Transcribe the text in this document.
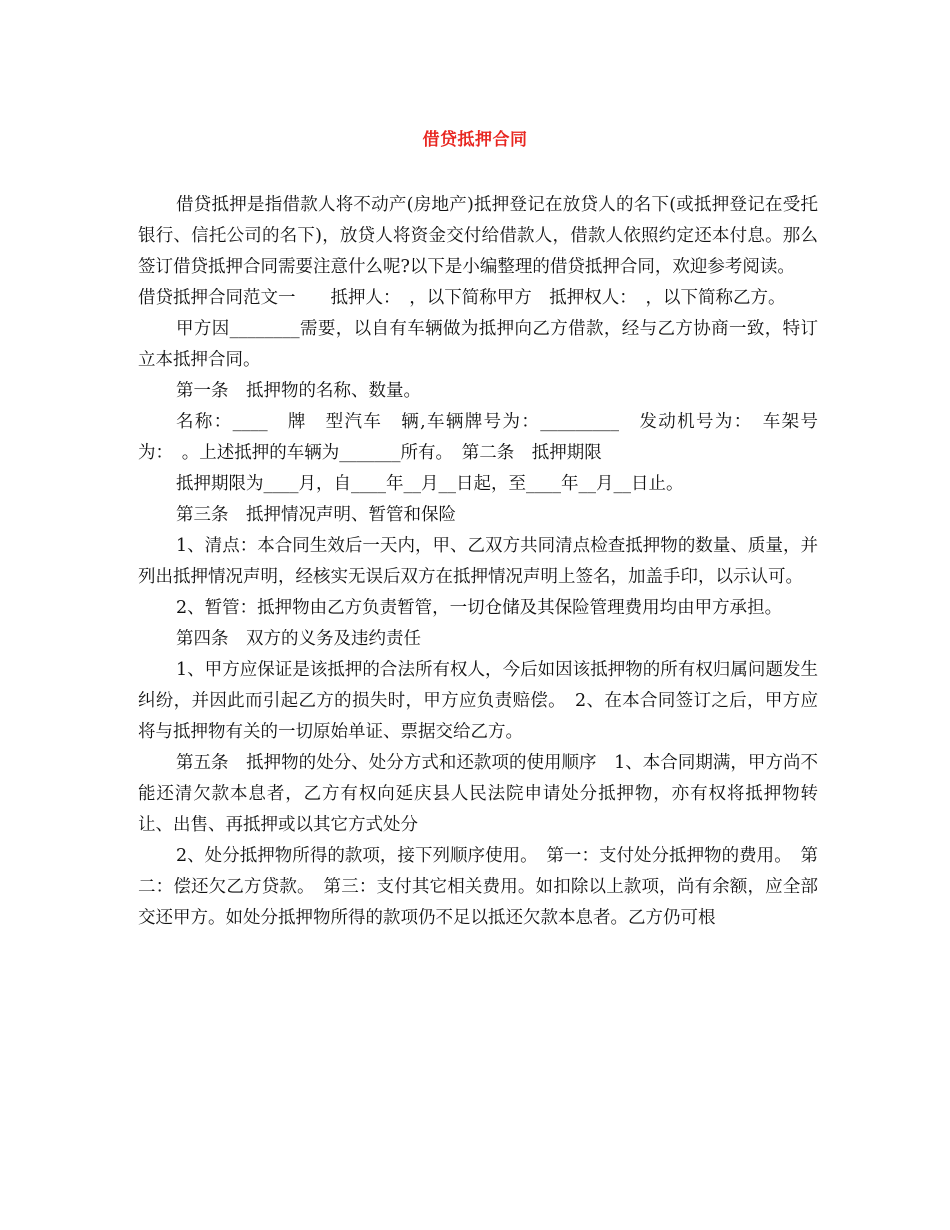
借贷抵押合同

借贷抵押是指借款人将不动产(房地产)抵押登记在放贷人的名下(或抵押登记在受托银行、信托公司的名下)，放贷人将资金交付给借款人，借款人依照约定还本付息。那么签订借贷抵押合同需要注意什么呢?以下是小编整理的借贷抵押合同，欢迎参考阅读。

借贷抵押合同范文一　　抵押人：　，以下简称甲方　抵押权人：　，以下简称乙方。

甲方因________需要，以自有车辆做为抵押向乙方借款，经与乙方协商一致，特订立本抵押合同。

第一条　抵押物的名称、数量。

名称：____　牌　型汽车　辆,车辆牌号为：_________　发动机号为：　车架号为：　。上述抵押的车辆为_______所有。　第二条　抵押期限

抵押期限为____月，自____年__月__日起，至____年__月__日止。

第三条　抵押情况声明、暂管和保险

1、清点：本合同生效后一天内，甲、乙双方共同清点检查抵押物的数量、质量，并列出抵押情况声明，经核实无误后双方在抵押情况声明上签名，加盖手印，以示认可。

2、暂管：抵押物由乙方负责暂管，一切仓储及其保险管理费用均由甲方承担。

第四条　双方的义务及违约责任

1、甲方应保证是该抵押的合法所有权人，今后如因该抵押物的所有权归属问题发生纠纷，并因此而引起乙方的损失时，甲方应负责赔偿。　2、在本合同签订之后，甲方应将与抵押物有关的一切原始单证、票据交给乙方。

第五条　抵押物的处分、处分方式和还款项的使用顺序　1、本合同期满，甲方尚不能还清欠款本息者，乙方有权向延庆县人民法院申请处分抵押物，亦有权将抵押物转让、出售、再抵押或以其它方式处分

2、处分抵押物所得的款项，接下列顺序使用。　第一：支付处分抵押物的费用。　第二：偿还欠乙方贷款。　第三：支付其它相关费用。如扣除以上款项，尚有余额，应全部交还甲方。如处分抵押物所得的款项仍不足以抵还欠款本息者。乙方仍可根
